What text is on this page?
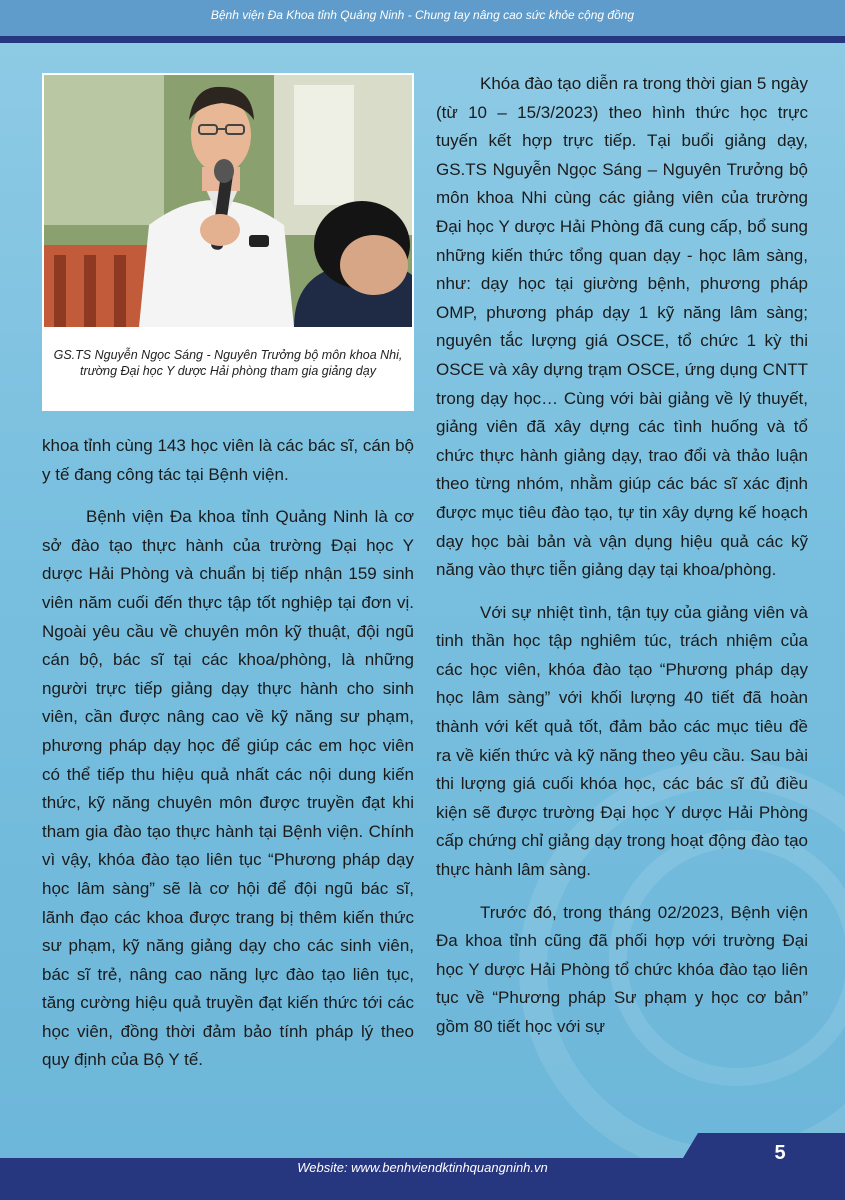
Bệnh viện Đa Khoa tỉnh Quảng Ninh - Chung tay nâng cao sức khỏe cộng đồng
GS.TS Nguyễn Ngọc Sáng - Nguyên Trưởng bộ môn khoa Nhi, trường Đại học Y dược Hải phòng tham gia giảng dạy

khoa tỉnh cùng 143 học viên là các bác sĩ, cán bộ y tế đang công tác tại Bệnh viện.

Bệnh viện Đa khoa tỉnh Quảng Ninh là cơ sở đào tạo thực hành của trường Đại học Y dược Hải Phòng và chuẩn bị tiếp nhận 159 sinh viên năm cuối đến thực tập tốt nghiệp tại đơn vị. Ngoài yêu cầu về chuyên môn kỹ thuật, đội ngũ cán bộ, bác sĩ tại các khoa/phòng, là những người trực tiếp giảng dạy thực hành cho sinh viên, cần được nâng cao về kỹ năng sư phạm, phương pháp dạy học để giúp các em học viên có thể tiếp thu hiệu quả nhất các nội dung kiến thức, kỹ năng chuyên môn được truyền đạt khi tham gia đào tạo thực hành tại Bệnh viện. Chính vì vậy, khóa đào tạo liên tục “Phương pháp dạy học lâm sàng” sẽ là cơ hội để đội ngũ bác sĩ, lãnh đạo các khoa được trang bị thêm kiến thức sư phạm, kỹ năng giảng dạy cho các sinh viên, bác sĩ trẻ, nâng cao năng lực đào tạo liên tục, tăng cường hiệu quả truyền đạt kiến thức tới các học viên, đồng thời đảm bảo tính pháp lý theo quy định của Bộ Y tế.

Khóa đào tạo diễn ra trong thời gian 5 ngày (từ 10 – 15/3/2023) theo hình thức học trực tuyến kết hợp trực tiếp. Tại buổi giảng dạy, GS.TS Nguyễn Ngọc Sáng – Nguyên Trưởng bộ môn khoa Nhi cùng các giảng viên của trường Đại học Y dược Hải Phòng đã cung cấp, bổ sung những kiến thức tổng quan dạy - học lâm sàng, như: dạy học tại giường bệnh, phương pháp OMP, phương pháp dạy 1 kỹ năng lâm sàng; nguyên tắc lượng giá OSCE, tổ chức 1 kỳ thi OSCE và xây dựng trạm OSCE, ứng dụng CNTT trong dạy học… Cùng với bài giảng về lý thuyết, giảng viên đã xây dựng các tình huống và tổ chức thực hành giảng dạy, trao đổi và thảo luận theo từng nhóm, nhằm giúp các bác sĩ xác định được mục tiêu đào tạo, tự tin xây dựng kế hoạch dạy học bài bản và vận dụng hiệu quả các kỹ năng vào thực tiễn giảng dạy tại khoa/phòng.

Với sự nhiệt tình, tận tụy của giảng viên và tinh thần học tập nghiêm túc, trách nhiệm của các học viên, khóa đào tạo “Phương pháp dạy học lâm sàng” với khối lượng 40 tiết đã hoàn thành với kết quả tốt, đảm bảo các mục tiêu đề ra về kiến thức và kỹ năng theo yêu cầu. Sau bài thi lượng giá cuối khóa học, các bác sĩ đủ điều kiện sẽ được trường Đại học Y dược Hải Phòng cấp chứng chỉ giảng dạy trong hoạt động đào tạo thực hành lâm sàng.

Trước đó, trong tháng 02/2023, Bệnh viện Đa khoa tỉnh cũng đã phối hợp với trường Đại học Y dược Hải Phòng tổ chức khóa đào tạo liên tục về “Phương pháp Sư phạm y học cơ bản” gồm 80 tiết học với sự

Website: www.benhviendktinhquangninh.vn
5
